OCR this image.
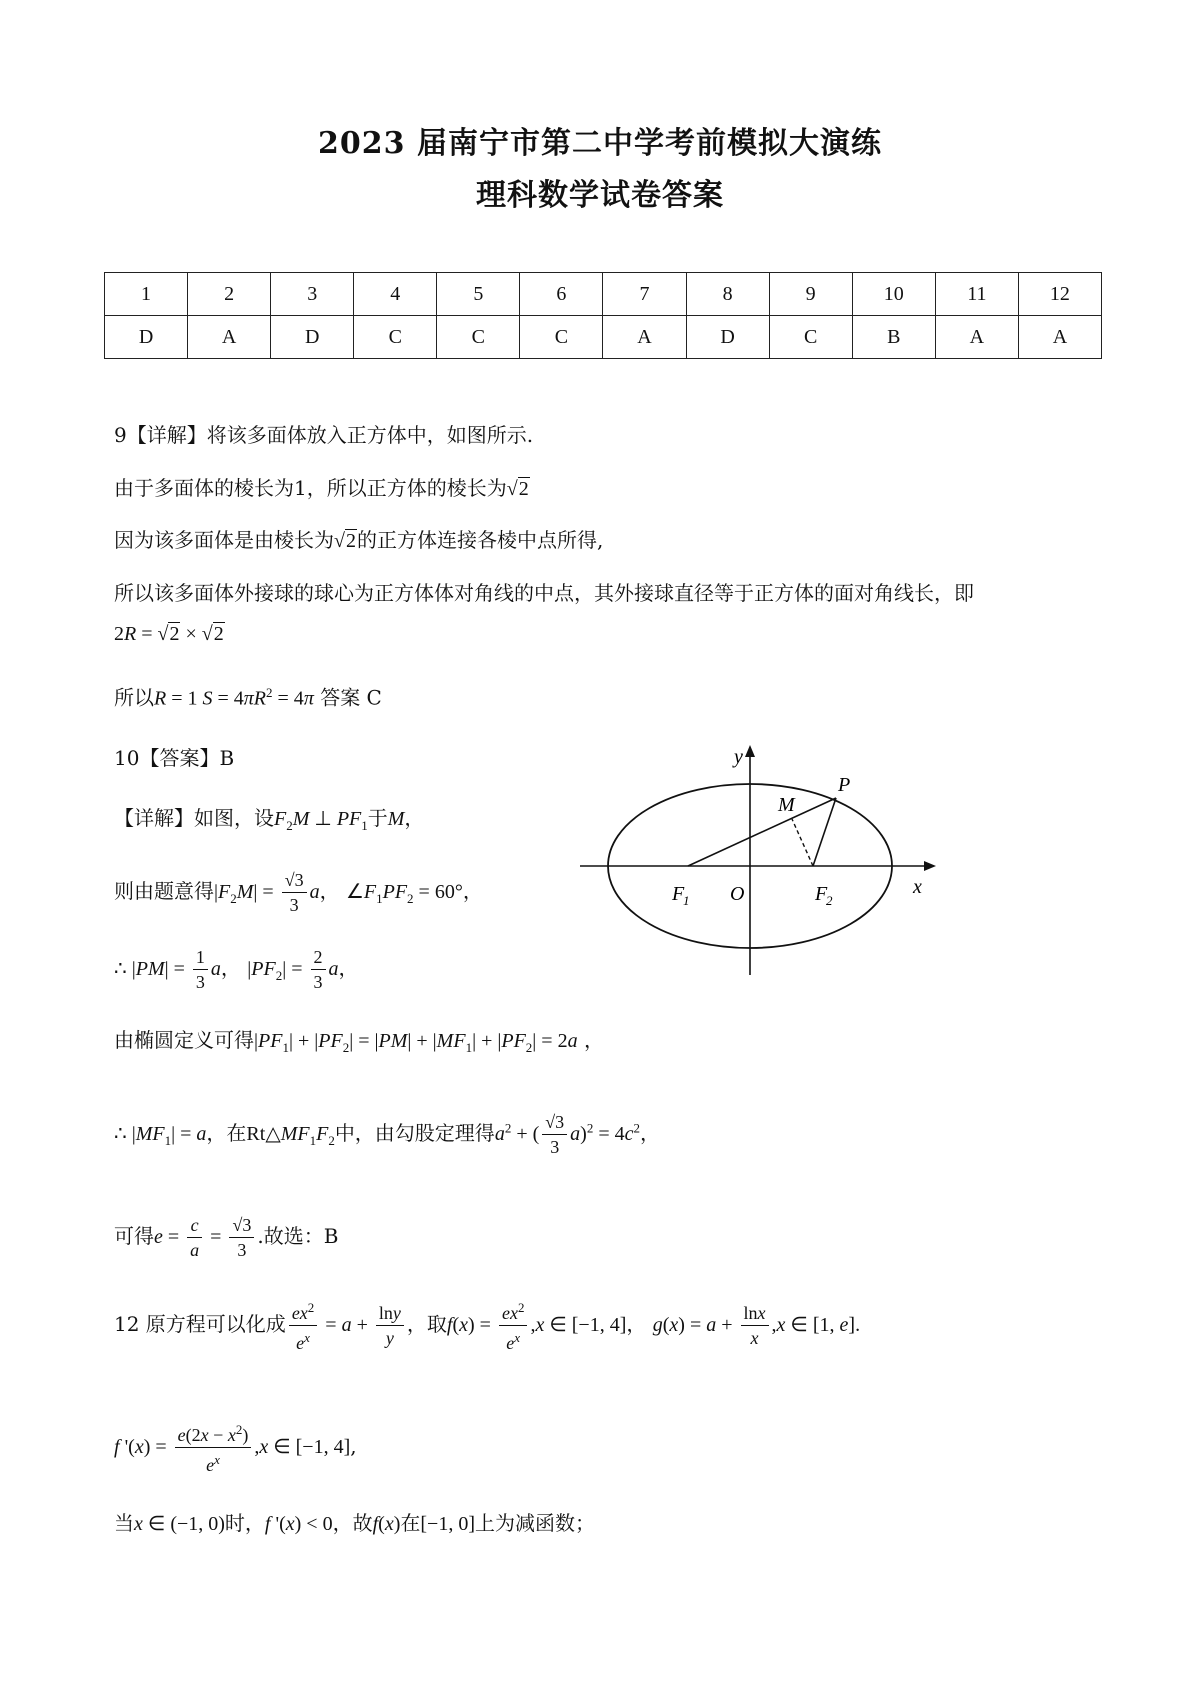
2023 届南宁市第二中学考前模拟大演练
理科数学试卷答案
1	2	3	4	5	6	7	8	9	10	11	12
D	A	D	C	C	C	A	D	C	B	A	A
9【详解】将该多面体放入正方体中，如图所示.
由于多面体的棱长为1，所以正方体的棱长为√2
因为该多面体是由棱长为√2的正方体连接各棱中点所得,
所以该多面体外接球的球心为正方体体对角线的中点，其外接球直径等于正方体的面对角线长，即
2R = √2 × √2
所以R = 1 $S = 4\pi R^2 = 4\pi$ 答案 C
10【答案】B
【详解】如图，设$F_2M$ ⊥ $PF_1$于M，
则由题意得$|F_2M| = \frac{√3}{3}$ a， $\angle F_1PF_2 = 60^\circ$，
∴ $|PM| = \frac{1}{3}$ a， $|PF_2| = \frac{2}{3}$ a，
由椭圆定义可得$|PF_1| + |PF_2| = |PM| + |MF_1| + |PF_2| = 2a$ ，
∴ $|MF_1| = a$，在$Rt\triangle MF_1F_2$中，由勾股定理得$a^2$ + ( $\frac{√3}{3} a)^2 = 4c^2$，
可得$e = \frac{c}{a} = \frac{√3}{3}$ .故选：B
y
x
P
M
F
1 O	F
2
12 原方程可以化成 $\frac{ex^2}{e^x} = a + \frac{\ln y}{y}$ ，取$f(x) = \frac{ex^2}{e^x} ,x$ ∈ [−1, 4]， $g(x) = a + \frac{\ln x}{x} ,x$ ∈ [1, e].
f '$(x) = \frac{e(2x - x^2)}{e^x} ,x$ ∈ [−1, 4],
当x ∈ (−1, 0)时，f '(x) < 0，故f(x)在[−1, 0]上为减函数；
